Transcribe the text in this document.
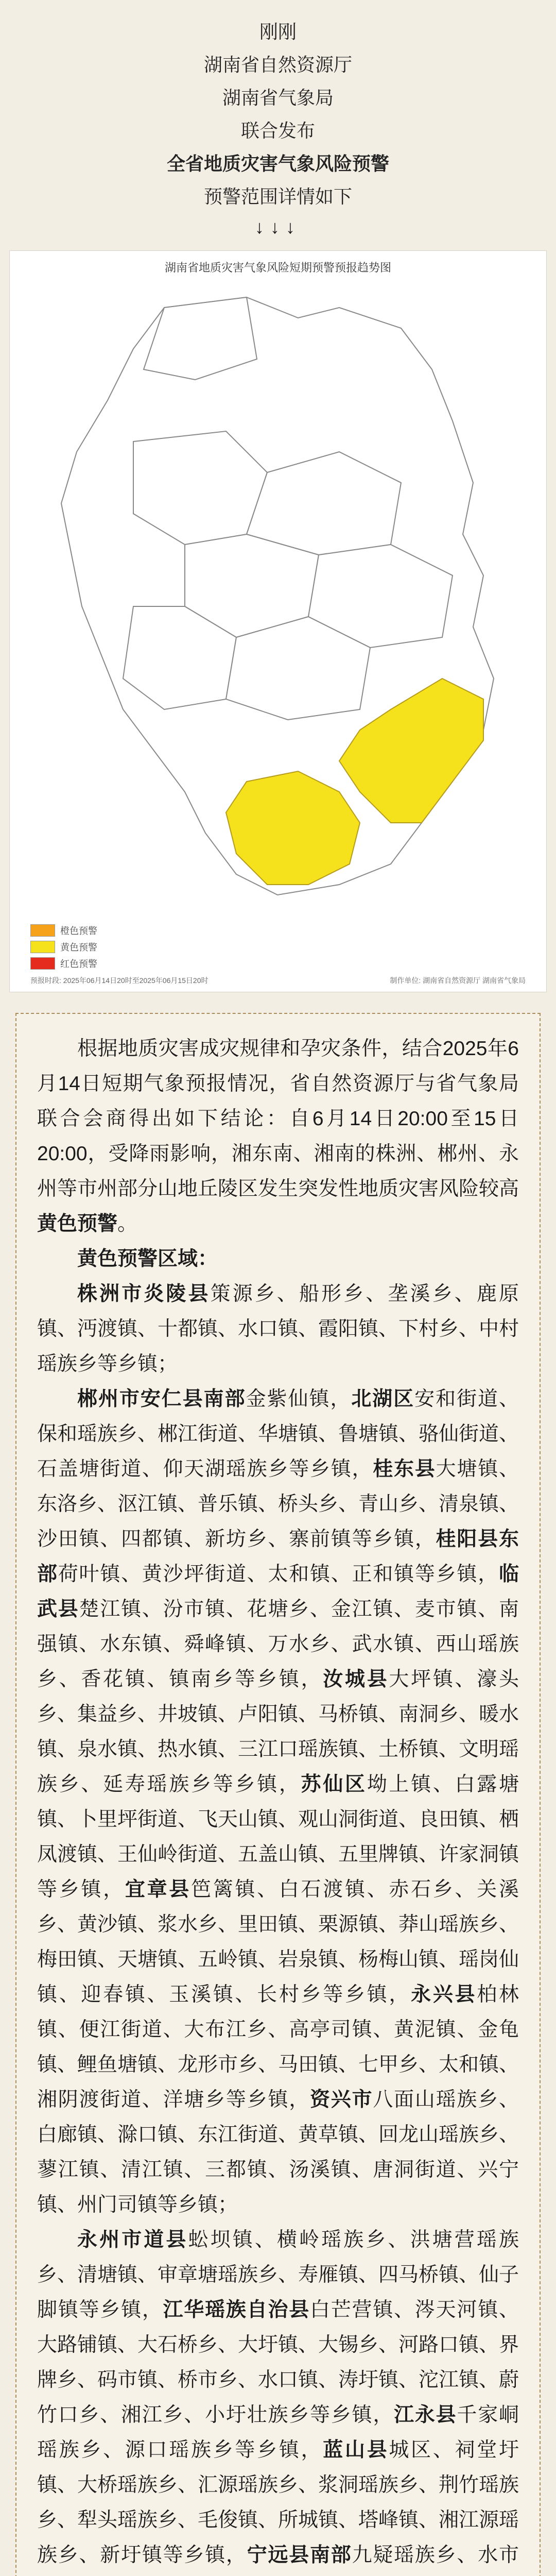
刚刚
湖南省自然资源厅
湖南省气象局
联合发布
全省地质灾害气象风险预警
预警范围详情如下
↓↓↓
湖南省地质灾害气象风险短期预警预报趋势图
橙色预警
黄色预警
红色预警
预报时段: 2025年06月14日20时至2025年06月15日20时	制作单位: 湖南省自然资源厅 湖南省气象局

根据地质灾害成灾规律和孕灾条件，结合2025年6月14日短期气象预报情况，省自然资源厅与省气象局联合会商得出如下结论：自6月14日20:00至15日20:00，受降雨影响，湘东南、湘南的株洲、郴州、永州等市州部分山地丘陵区发生突发性地质灾害风险较高黄色预警。

黄色预警区域：

株洲市炎陵县策源乡、船形乡、垄溪乡、鹿原镇、沔渡镇、十都镇、水口镇、霞阳镇、下村乡、中村瑶族乡等乡镇；

郴州市安仁县南部金紫仙镇，北湖区安和街道、保和瑶族乡、郴江街道、华塘镇、鲁塘镇、骆仙街道、石盖塘街道、仰天湖瑶族乡等乡镇，桂东县大塘镇、东洛乡、沤江镇、普乐镇、桥头乡、青山乡、清泉镇、沙田镇、四都镇、新坊乡、寨前镇等乡镇，桂阳县东部荷叶镇、黄沙坪街道、太和镇、正和镇等乡镇，临武县楚江镇、汾市镇、花塘乡、金江镇、麦市镇、南强镇、水东镇、舜峰镇、万水乡、武水镇、西山瑶族乡、香花镇、镇南乡等乡镇，汝城县大坪镇、濠头乡、集益乡、井坡镇、卢阳镇、马桥镇、南洞乡、暖水镇、泉水镇、热水镇、三江口瑶族镇、土桥镇、文明瑶族乡、延寿瑶族乡等乡镇，苏仙区坳上镇、白露塘镇、卜里坪街道、飞天山镇、观山洞街道、良田镇、栖凤渡镇、王仙岭街道、五盖山镇、五里牌镇、许家洞镇等乡镇，宜章县笆篱镇、白石渡镇、赤石乡、关溪乡、黄沙镇、浆水乡、里田镇、栗源镇、莽山瑶族乡、梅田镇、天塘镇、五岭镇、岩泉镇、杨梅山镇、瑶岗仙镇、迎春镇、玉溪镇、长村乡等乡镇，永兴县柏林镇、便江街道、大布江乡、高亭司镇、黄泥镇、金龟镇、鲤鱼塘镇、龙形市乡、马田镇、七甲乡、太和镇、湘阴渡街道、洋塘乡等乡镇，资兴市八面山瑶族乡、白廊镇、滁口镇、东江街道、黄草镇、回龙山瑶族乡、蓼江镇、清江镇、三都镇、汤溪镇、唐洞街道、兴宁镇、州门司镇等乡镇；

永州市道县蚣坝镇、横岭瑶族乡、洪塘营瑶族乡、清塘镇、审章塘瑶族乡、寿雁镇、四马桥镇、仙子脚镇等乡镇，江华瑶族自治县白芒营镇、涔天河镇、大路铺镇、大石桥乡、大圩镇、大锡乡、河路口镇、界牌乡、码市镇、桥市乡、水口镇、涛圩镇、沱江镇、蔚竹口乡、湘江乡、小圩壮族乡等乡镇，江永县千家峒瑶族乡、源口瑶族乡等乡镇，蓝山县城区、祠堂圩镇、大桥瑶族乡、汇源瑶族乡、浆洞瑶族乡、荆竹瑶族乡、犁头瑶族乡、毛俊镇、所城镇、塔峰镇、湘江源瑶族乡、新圩镇等乡镇，宁远县南部九疑瑶族乡、水市
